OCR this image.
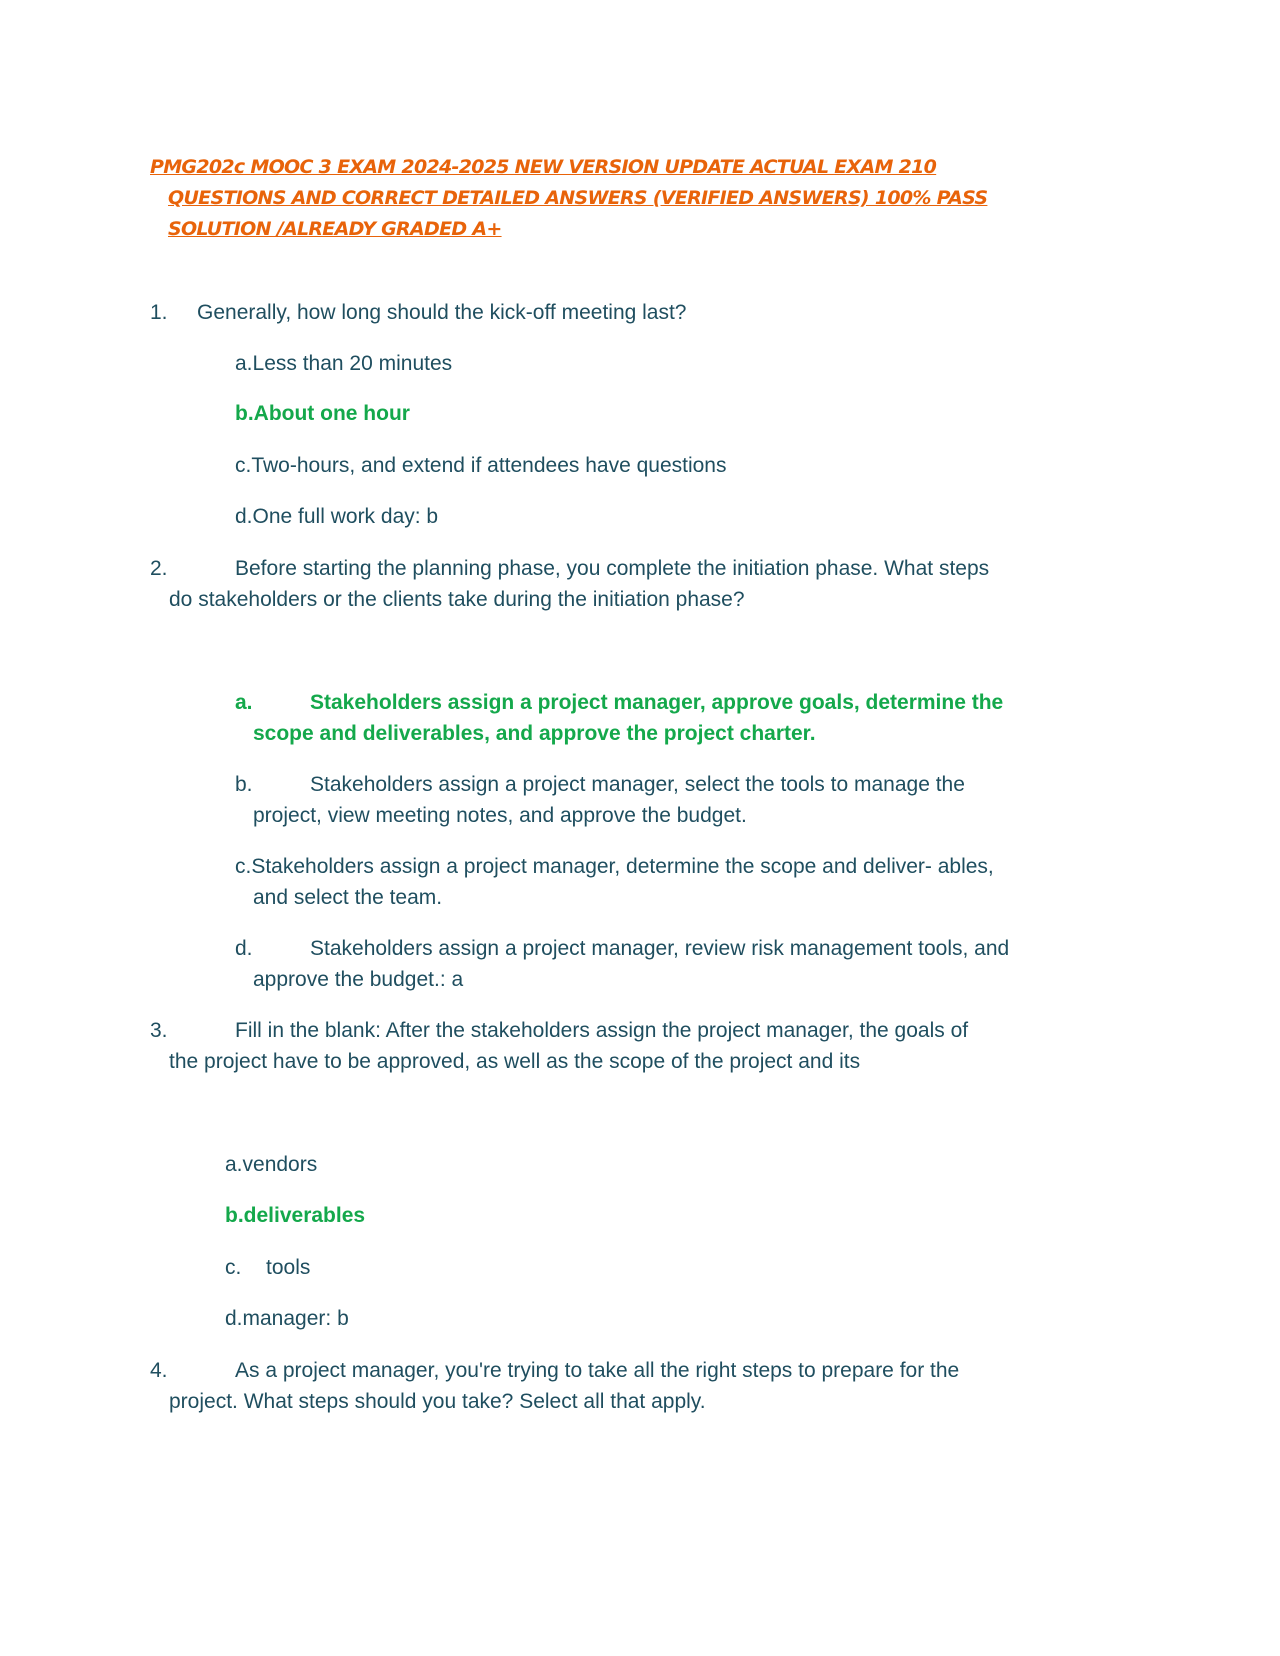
PMG202c MOOC 3 EXAM 2024-2025 NEW VERSION UPDATE ACTUAL EXAM 210
QUESTIONS AND CORRECT DETAILED ANSWERS (VERIFIED ANSWERS) 100% PASS
SOLUTION /ALREADY GRADED A+
1. Generally, how long should the kick-off meeting last?
a.Less than 20 minutes
b.About one hour
c.Two-hours, and extend if attendees have questions
d.One full work day: b
2.	Before starting the planning phase, you complete the initiation phase. What steps
do stakeholders or the clients take during the initiation phase?
a.	Stakeholders assign a project manager, approve goals, determine the
scope and deliverables, and approve the project charter.
b.	Stakeholders assign a project manager, select the tools to manage the
project, view meeting notes, and approve the budget.
c.Stakeholders assign a project manager, determine the scope and deliver- ables,
and select the team.
d.	Stakeholders assign a project manager, review risk management tools, and
approve the budget.: a
3.	Fill in the blank: After the stakeholders assign the project manager, the goals of
the project have to be approved, as well as the scope of the project and its
a.vendors
b.deliverables
c. tools
d.manager: b
4.	As a project manager, you're trying to take all the right steps to prepare for the
project. What steps should you take? Select all that apply.
